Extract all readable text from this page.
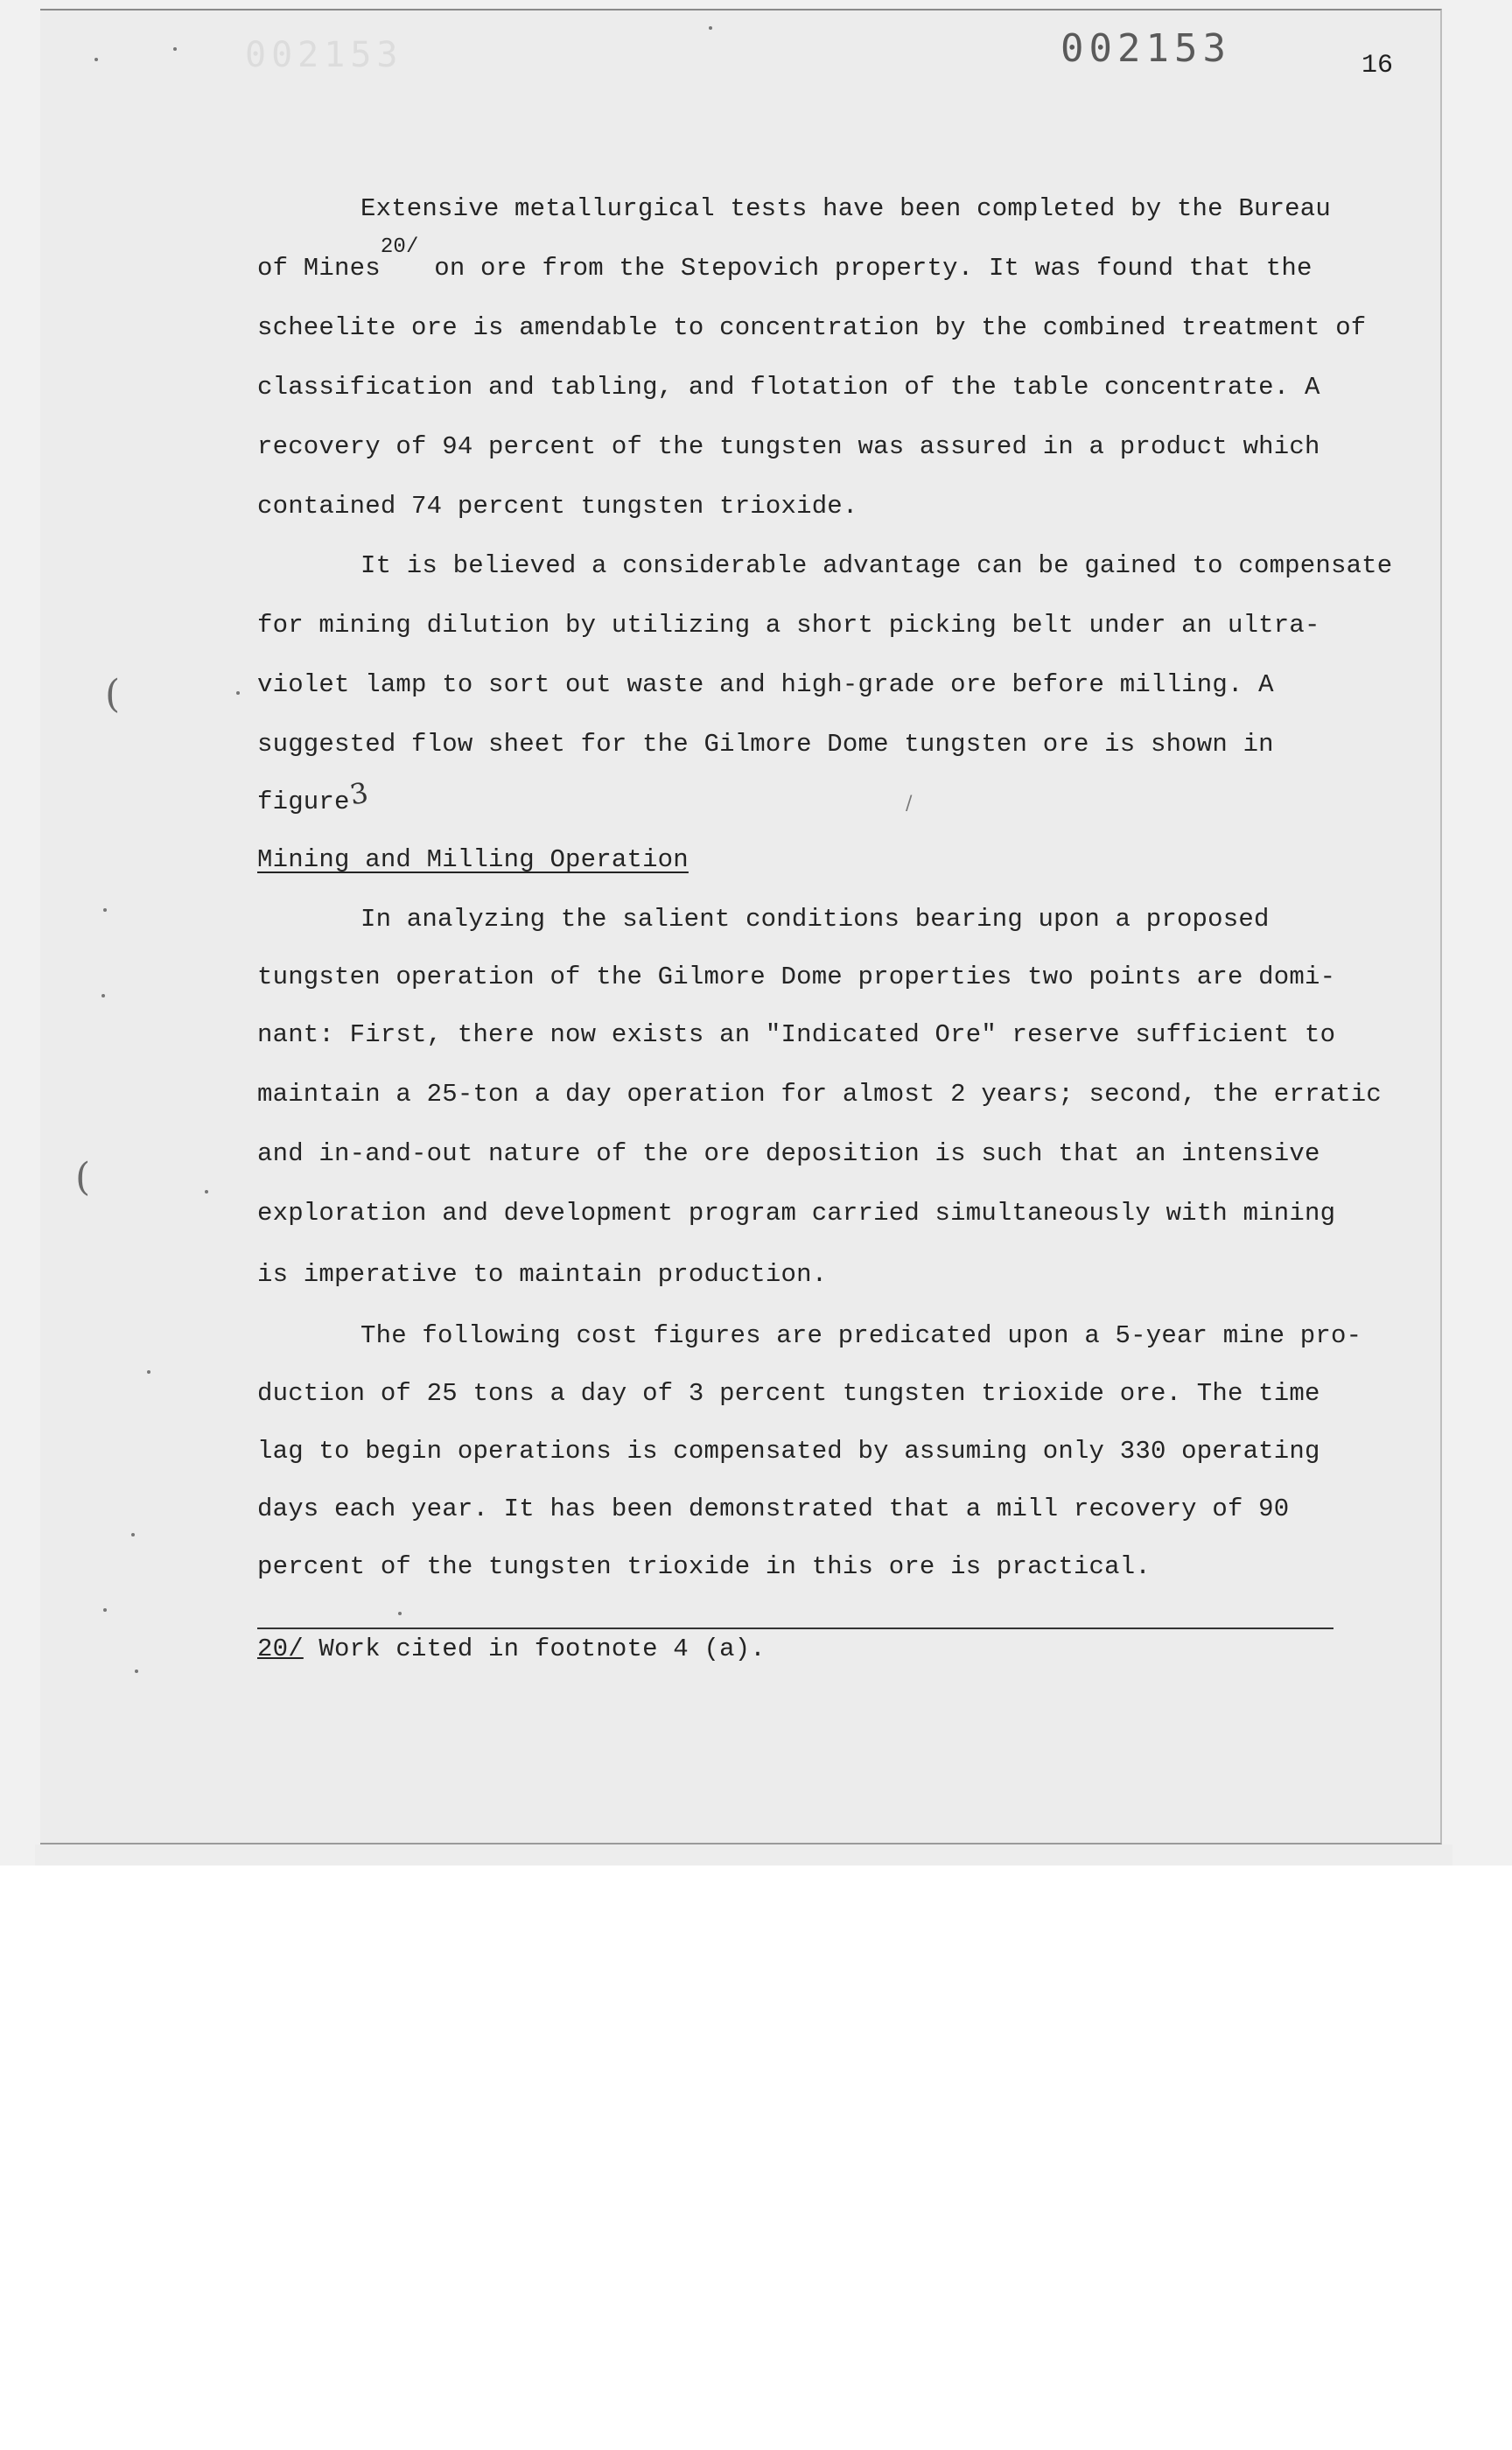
002153	002153	16
Extensive metallurgical tests have been completed by the Bureau
of Mines$^{20/}$ on ore from the Stepovich property. It was found that the
scheelite ore is amendable to concentration by the combined treatment of
classification and tabling, and flotation of the table concentrate. A
recovery of 94 percent of the tungsten was assured in a product which
contained 74 percent tungsten trioxide.
It is believed a considerable advantage can be gained to compensate
for mining dilution by utilizing a short picking belt under an ultra-
violet lamp to sort out waste and high-grade ore before milling. A
suggested flow sheet for the Gilmore Dome tungsten ore is shown in
figure
3	/
Mining and Milling Operation
In analyzing the salient conditions bearing upon a proposed
tungsten operation of the Gilmore Dome properties two points are domi-
nant: First, there now exists an "Indicated Ore" reserve sufficient to
maintain a 25-ton a day operation for almost 2 years; second, the erratic
and in-and-out nature of the ore deposition is such that an intensive
exploration and development program carried simultaneously with mining
is imperative to maintain production.
The following cost figures are predicated upon a 5-year mine pro-
duction of 25 tons a day of 3 percent tungsten trioxide ore. The time
lag to begin operations is compensated by assuming only 330 operating
days each year. It has been demonstrated that a mill recovery of 90
percent of the tungsten trioxide in this ore is practical.
20/ Work cited in footnote 4 (a).
(
(
